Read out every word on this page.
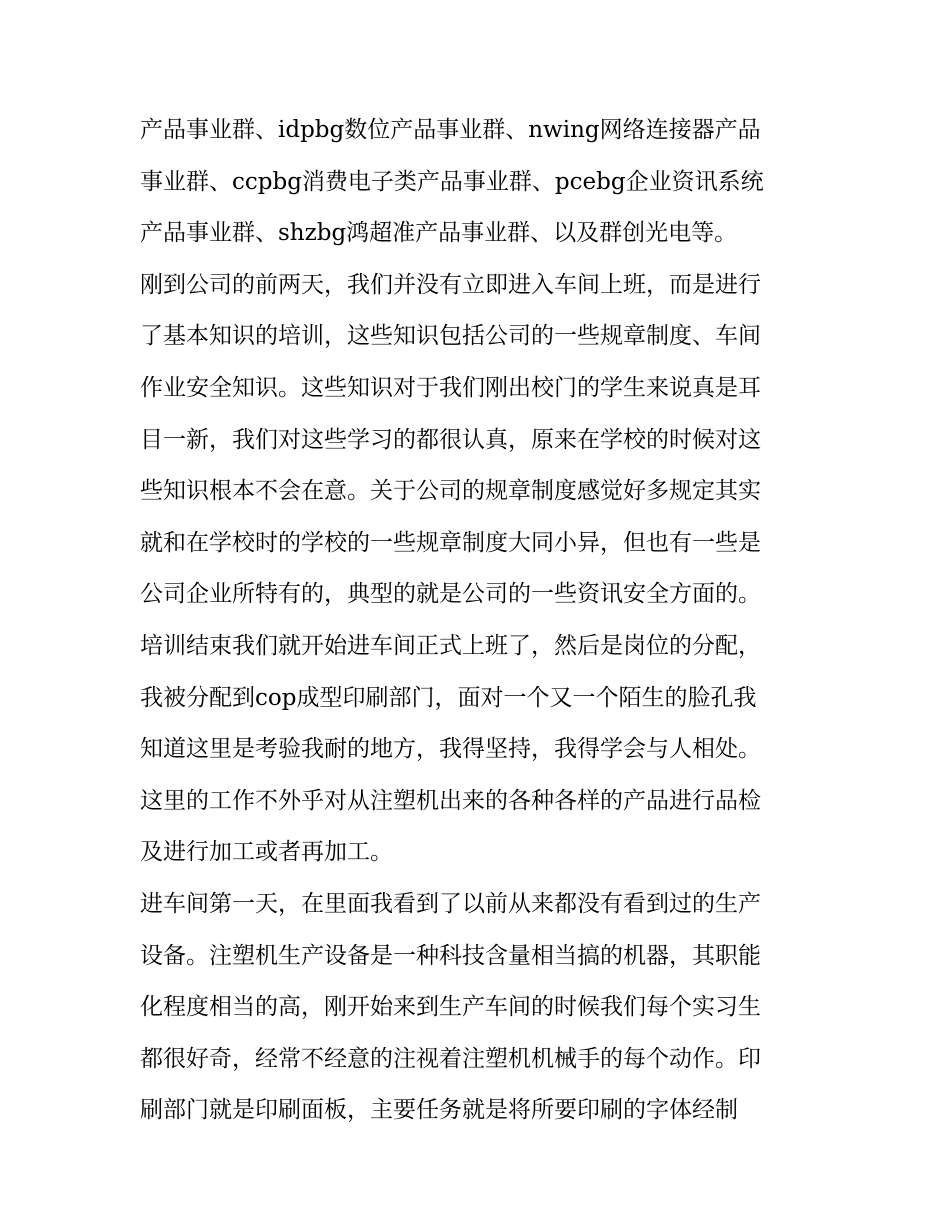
产品事业群、idpbg数位产品事业群、nwing网络连接器产品
事业群、ccpbg消费电子类产品事业群、pcebg企业资讯系统
产品事业群、shzbg鸿超准产品事业群、以及群创光电等。
刚到公司的前两天，我们并没有立即进入车间上班，而是进行
了基本知识的培训，这些知识包括公司的一些规章制度、车间
作业安全知识。这些知识对于我们刚出校门的学生来说真是耳
目一新，我们对这些学习的都很认真，原来在学校的时候对这
些知识根本不会在意。关于公司的规章制度感觉好多规定其实
就和在学校时的学校的一些规章制度大同小异，但也有一些是
公司企业所特有的，典型的就是公司的一些资讯安全方面的。
培训结束我们就开始进车间正式上班了，然后是岗位的分配，
我被分配到cop成型印刷部门，面对一个又一个陌生的脸孔我
知道这里是考验我耐的地方，我得坚持，我得学会与人相处。
这里的工作不外乎对从注塑机出来的各种各样的产品进行品检
及进行加工或者再加工。
进车间第一天，在里面我看到了以前从来都没有看到过的生产
设备。注塑机生产设备是一种科技含量相当搞的机器，其职能
化程度相当的高，刚开始来到生产车间的时候我们每个实习生
都很好奇，经常不经意的注视着注塑机机械手的每个动作。印
刷部门就是印刷面板，主要任务就是将所要印刷的字体经制
